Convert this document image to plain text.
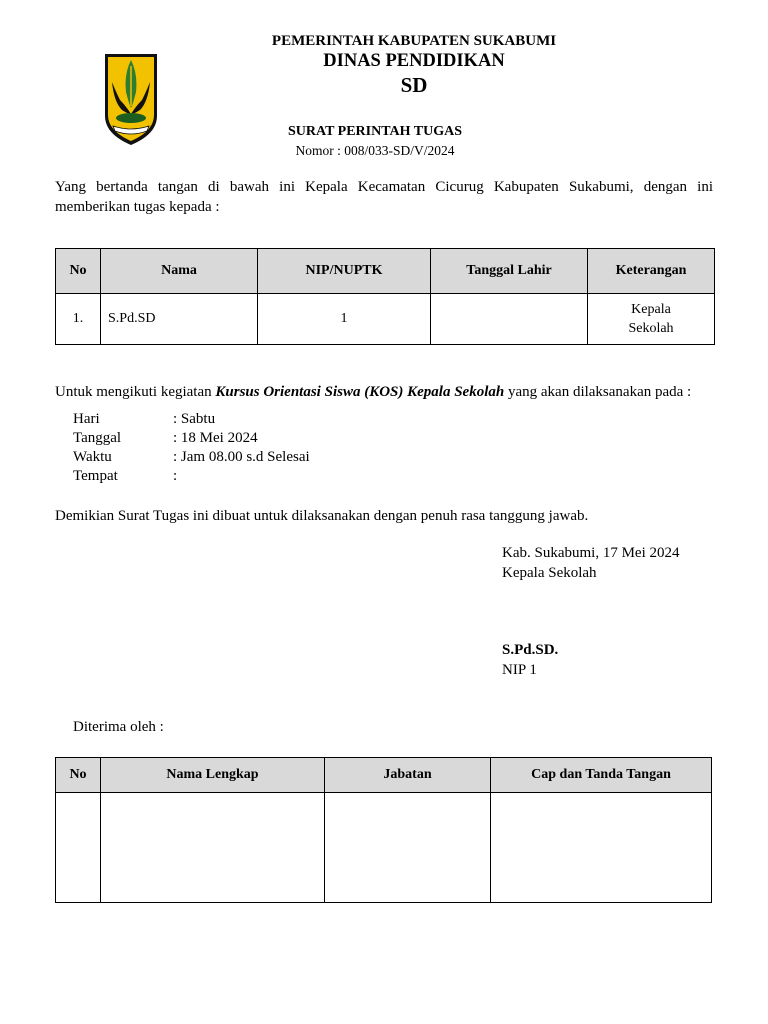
PEMERINTAH KABUPATEN SUKABUMI
DINAS PENDIDIKAN
SD
SURAT PERINTAH TUGAS
Nomor : 008/033-SD/V/2024
Yang bertanda tangan di bawah ini Kepala Kecamatan Cicurug Kabupaten Sukabumi, dengan ini memberikan tugas kepada :
No	Nama	NIP/NUPTK	Tanggal Lahir	Keterangan
1.	S.Pd.SD	1		Kepala Sekolah
Untuk mengikuti kegiatan Kursus Orientasi Siswa (KOS) Kepala Sekolah yang akan dilaksanakan pada :
Hari	: Sabtu
Tanggal	: 18 Mei 2024
Waktu	: Jam 08.00 s.d Selesai
Tempat	:
Demikian Surat Tugas ini dibuat untuk dilaksanakan dengan penuh rasa tanggung jawab.
Kab. Sukabumi, 17 Mei 2024
Kepala Sekolah
S.Pd.SD.
NIP 1
Diterima oleh :
No	Nama Lengkap	Jabatan	Cap dan Tanda Tangan
